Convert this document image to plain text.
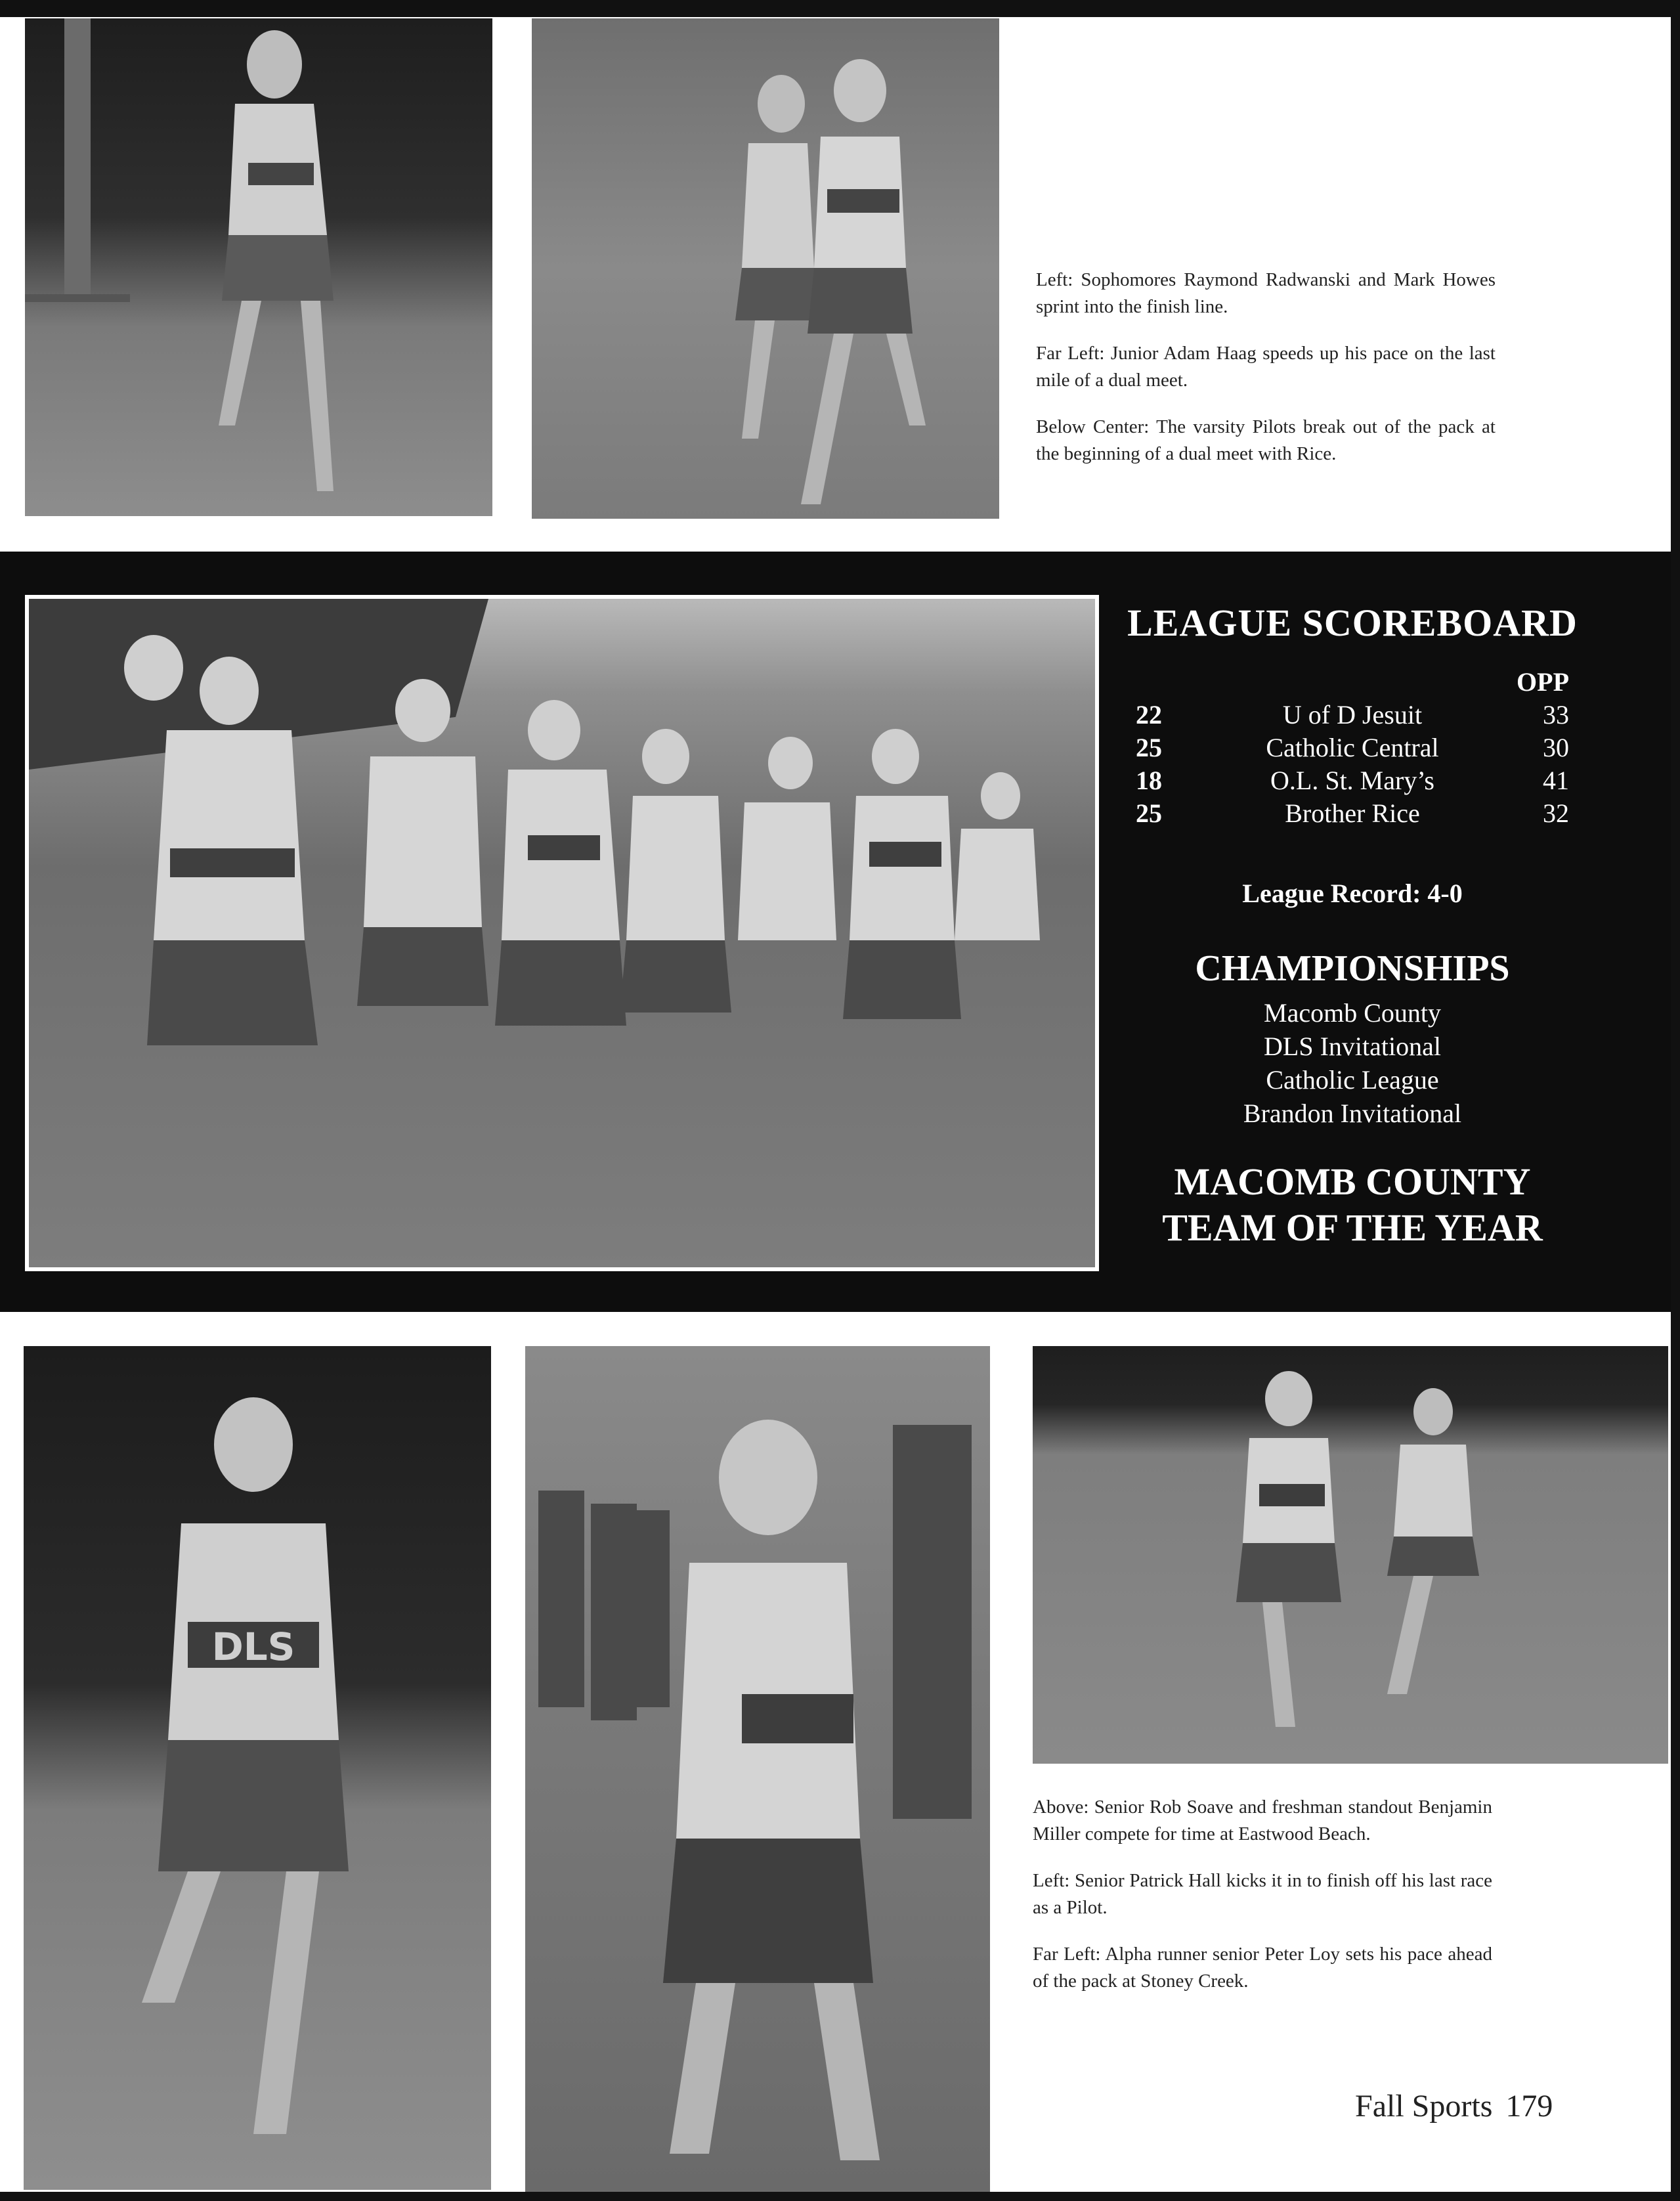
Left: Sophomores Raymond Radwanski and Mark Howes sprint into the finish line.

Far Left: Junior Adam Haag speeds up his pace on the last mile of a dual meet.

Below Center: The varsity Pilots break out of the pack at the beginning of a dual meet with Rice.

LEAGUE SCOREBOARD
OPP
22	U of D Jesuit	33
25	Catholic Central	30
18	O.L. St. Mary’s	41
25	Brother Rice	32
League Record: 4-0
CHAMPIONSHIPS
Macomb County
DLS Invitational
Catholic League
Brandon Invitational
MACOMB COUNTY
TEAM OF THE YEAR
DLS

Above: Senior Rob Soave and freshman standout Benjamin Miller compete for time at Eastwood Beach.

Left: Senior Patrick Hall kicks it in to finish off his last race as a Pilot.

Far Left: Alpha runner senior Peter Loy sets his pace ahead of the pack at Stoney Creek.

Fall Sports 179
